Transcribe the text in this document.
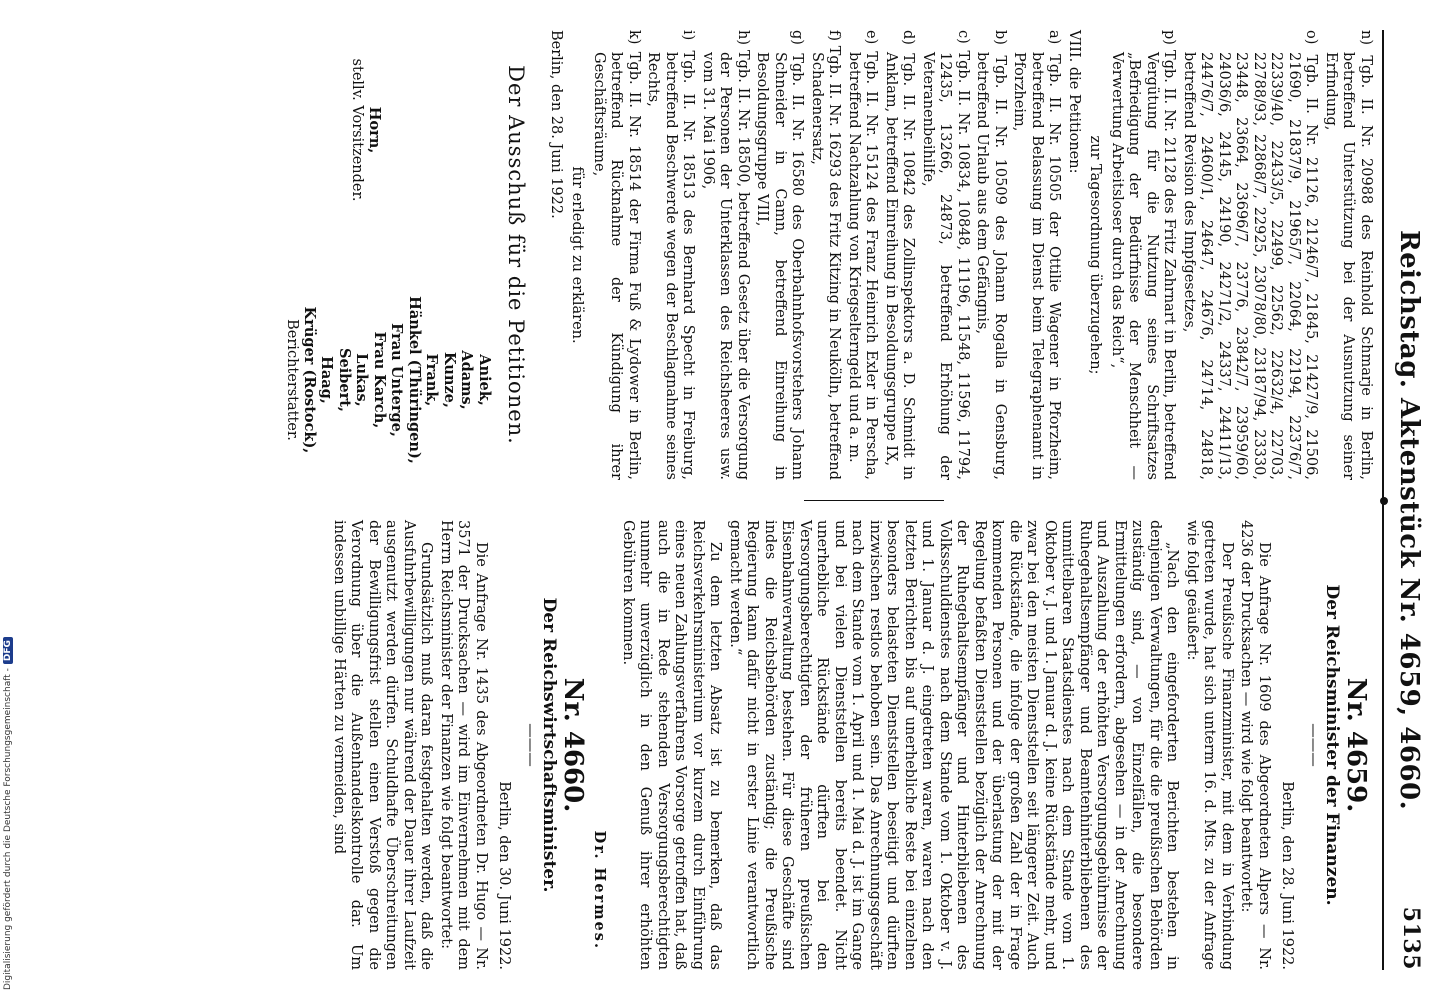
Reichstag. Aktenstück Nr. 4659, 4660.
5135

n) Tgb. II. Nr. 20988 des Reinhold Schmarje in Berlin, betreffend Unterstützung bei der Ausnutzung seiner Erfindung,

o) Tgb. II. Nr. 21126, 21246/7, 21845, 21427/9, 21506, 21690, 21837/9, 21965/7, 22064, 22194, 22376/7, 22339/40, 22433/5, 22499, 22562, 22632/4, 22703, 22788/93, 22868/7, 22925, 23078/80, 23187/94, 23330, 23448, 23664, 23696/7, 23776, 23842/7, 23959/60, 24036/6, 24145, 24190, 24271/2, 24337, 24411/13, 24476/7, 24600/1, 24647, 24676, 24714, 24818, betreffend Revision des Impfgesetzes,

p) Tgb. II. Nr. 21128 des Fritz Zahrnart in Berlin, betreffend Vergütung für die Nutzung seines Schriftsatzes „Befriedigung der Bedürfnisse der Menschheit — Verwertung Arbeitsloser durch das Reich“,

zur Tagesordnung überzugehen;

VIII. die Petitionen:

a) Tgb. II. Nr. 10505 der Ottilie Wagener in Pforzheim, betreffend Belassung im Dienst beim Telegraphenamt in Pforzheim,

b) Tgb. II. Nr. 10509 des Johann Rogalla in Gensburg, betreffend Urlaub aus dem Gefängnis,

c) Tgb. II. Nr. 10834, 10848, 11196, 11548, 11596, 11794, 12435, 13266, 24873, betreffend Erhöhung der Veteranenbeihilfe,

d) Tgb. II. Nr. 10842 des Zollinspektors a. D. Schmidt in Anklam, betreffend Einreihung in Besoldungsgruppe IX,

e) Tgb. II. Nr. 15124 des Franz Heinrich Exler in Perscha, betreffend Nachzahlung von Kriegselterngeld und a. m.

f) Tgb. II. Nr. 16293 des Fritz Kitzing in Neukölln, betreffend Schadenersatz,

g) Tgb. II. Nr. 16580 des Oberbahnhofsvorstehers Johann Schneider in Camn, betreffend Einreihung in Besoldungsgruppe VIII,

h) Tgb. II. Nr. 18500, betreffend Gesetz über die Versorgung der Personen der Unterklassen des Reichsheeres usw. vom 31. Mai 1906,

i) Tgb. II. Nr. 18513 des Bernhard Specht in Freiburg, betreffend Beschwerde wegen der Beschlagnahme seines Rechts,

k) Tgb. II. Nr. 18514 der Firma Fuß & Lydower in Berlin, betreffend Rücknahme der Kündigung ihrer Geschäftsräume,

für erledigt zu erklären.

Berlin, den 28. Juni 1922.

Der Ausschuß für die Petitionen.

Horn,
stellv. Vorsitzender.
Aniek,
Adams,
Kunze,
Frank,
Hänkel (Thüringen),
Frau Unterge,
Frau Karch,
Lukas,
Seibert,
Haag,
Krüger (Rostock),
Berichterstatter.

Nr. 4659.

Der Reichsminister der Finanzen.

———

Berlin, den 28. Juni 1922.

Die Anfrage Nr. 1609 des Abgeordneten Alpers — Nr. 4236 der Drucksachen — wird wie folgt beantwortet:

Der Preußische Finanzminister, mit dem in Verbindung getreten wurde, hat sich unterm 16. d. Mts. zu der Anfrage wie folgt geäußert:

„Nach den eingeforderten Berichten bestehen in denjenigen Verwaltungen, für die die preußischen Behörden zuständig sind, — von Einzelfällen, die besondere Ermittelungen erfordern, abgesehen — in der Anrechnung und Auszahlung der erhöhten Versorgungsgebührnisse der Ruhegehaltsempfänger und Beamtenhinterbliebenen des unmittelbaren Staatsdienstes nach dem Stande vom 1. Oktober v. J. und 1. Januar d. J. keine Rückstände mehr, und zwar bei den meisten Dienststellen seit längerer Zeit. Auch die Rückstände, die infolge der großen Zahl der in Frage kommenden Personen und der überlastung der mit der Regelung befaßten Dienststellen bezüglich der Anrechnung der Ruhegehaltsempfänger und Hinterbliebenen des Volksschuldienstes nach dem Stande vom 1. Oktober v. J. und 1. Januar d. J. eingetreten waren, waren nach den letzten Berichten bis auf unerhebliche Reste bei einzelnen besonders belasteten Dienststellen beseitigt und dürften inzwischen restlos behoben sein. Das Anrechnungsgeschäft nach dem Stande vom 1. April und 1. Mai d. J. ist im Gange und bei vielen Dienststellen bereits beendet. Nicht unerhebliche Rückstände dürften bei den Versorgungsberechtigten der früheren preußischen Eisenbahnverwaltung bestehen. Für diese Geschäfte sind indes die Reichsbehörden zuständig; die Preußische Regierung kann dafür nicht in erster Linie verantwortlich gemacht werden.“

Zu dem letzten Absatz ist zu bemerken, daß das Reichsverkehrsministerium vor kurzem durch Einführung eines neuen Zahlungsverfahrens Vorsorge getroffen hat, daß auch die in Rede stehenden Versorgungsberechtigten nunmehr unverzüglich in den Genuß ihrer erhöhten Gebühren kommen.

Dr. Hermes.

Nr. 4660.

Der Reichswirtschaftsminister.

———

Berlin, den 30. Juni 1922.

Die Anfrage Nr. 1435 des Abgeordneten Dr. Hugo — Nr. 3571 der Drucksachen — wird im Einvernehmen mit dem Herrn Reichsminister der Finanzen wie folgt beantwortet:

Grundsätzlich muß daran festgehalten werden, daß die Ausfuhrbewilligungen nur während der Dauer ihrer Laufzeit ausgenutzt werden dürfen. Schuldhafte Überschreitungen der Bewilligungsfrist stellen einen Verstoß gegen die Verordnung über die Außenhandelskontrolle dar. Um indessen unbillige Härten zu vermeiden, sind

Digitalisierung gefördert durch die Deutsche Forschungsgemeinschaft -DFG
